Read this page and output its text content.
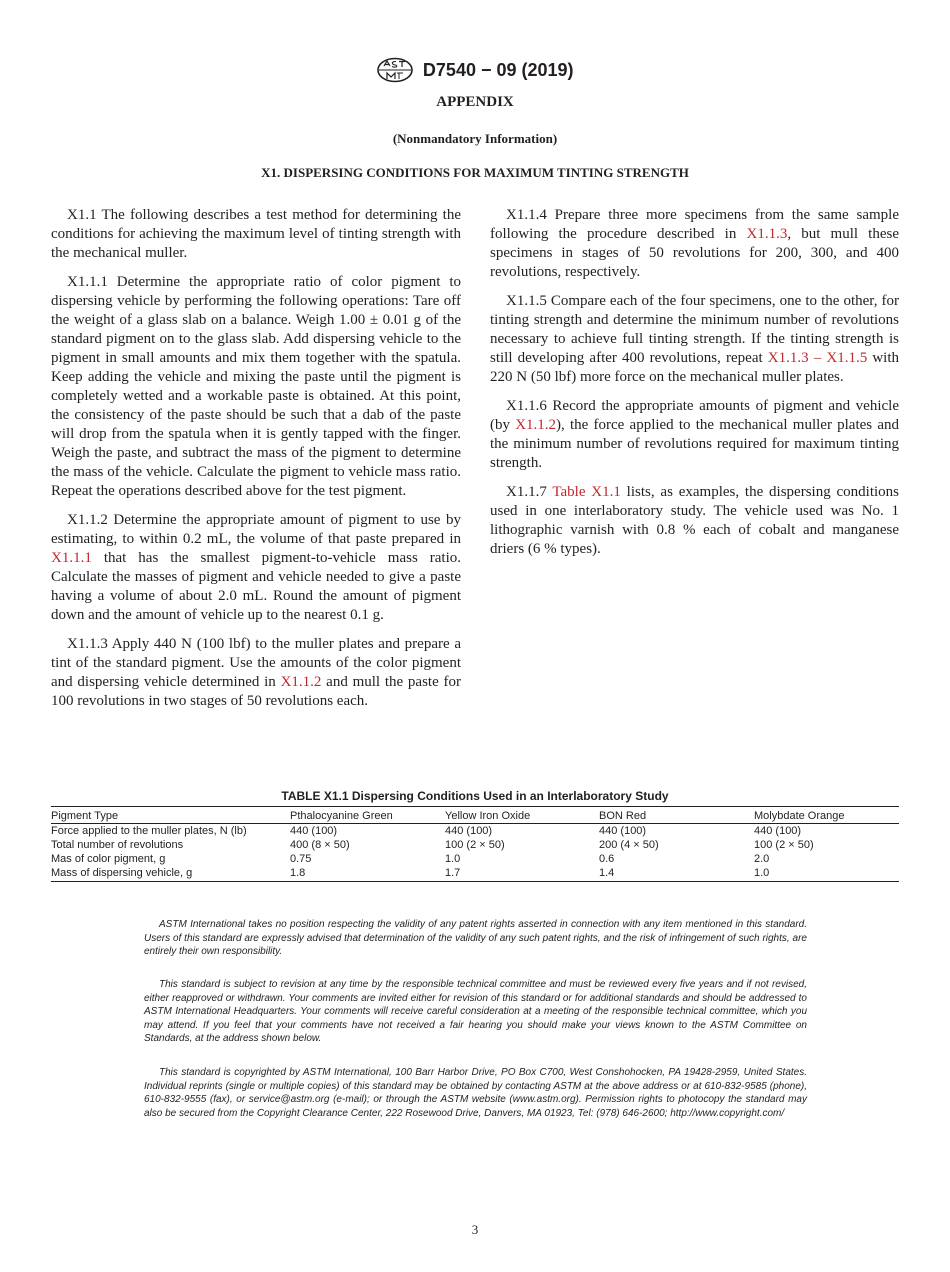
D7540 − 09 (2019)
APPENDIX
(Nonmandatory Information)
X1. DISPERSING CONDITIONS FOR MAXIMUM TINTING STRENGTH

X1.1 The following describes a test method for determining the conditions for achieving the maximum level of tinting strength with the mechanical muller.

X1.1.1 Determine the appropriate ratio of color pigment to dispersing vehicle by performing the following operations: Tare off the weight of a glass slab on a balance. Weigh 1.00 ± 0.01 g of the standard pigment on to the glass slab. Add dispersing vehicle to the pigment in small amounts and mix them together with the spatula. Keep adding the vehicle and mixing the paste until the pigment is completely wetted and a workable paste is obtained. At this point, the consistency of the paste should be such that a dab of the paste will drop from the spatula when it is gently tapped with the finger. Weigh the paste, and subtract the mass of the pigment to determine the mass of the vehicle. Calculate the pigment to vehicle mass ratio. Repeat the operations described above for the test pigment.

X1.1.2 Determine the appropriate amount of pigment to use by estimating, to within 0.2 mL, the volume of that paste prepared in X1.1.1 that has the smallest pigment-to-vehicle mass ratio. Calculate the masses of pigment and vehicle needed to give a paste having a volume of about 2.0 mL. Round the amount of pigment down and the amount of vehicle up to the nearest 0.1 g.

X1.1.3 Apply 440 N (100 lbf) to the muller plates and prepare a tint of the standard pigment. Use the amounts of the color pigment and dispersing vehicle determined in X1.1.2 and mull the paste for 100 revolutions in two stages of 50 revolutions each.

X1.1.4 Prepare three more specimens from the same sample following the procedure described in X1.1.3, but mull these specimens in stages of 50 revolutions for 200, 300, and 400 revolutions, respectively.

X1.1.5 Compare each of the four specimens, one to the other, for tinting strength and determine the minimum number of revolutions necessary to achieve full tinting strength. If the tinting strength is still developing after 400 revolutions, repeat X1.1.3 – X1.1.5 with 220 N (50 lbf) more force on the mechanical muller plates.

X1.1.6 Record the appropriate amounts of pigment and vehicle (by X1.1.2), the force applied to the mechanical muller plates and the minimum number of revolutions required for maximum tinting strength.

X1.1.7 Table X1.1 lists, as examples, the dispersing conditions used in one interlaboratory study. The vehicle used was No. 1 lithographic varnish with 0.8 % each of cobalt and manganese driers (6 % types).

TABLE X1.1 Dispersing Conditions Used in an Interlaboratory Study
Pigment Type	Pthalocyanine Green	Yellow Iron Oxide	BON Red	Molybdate Orange
Force applied to the muller plates, N (lb)	440 (100)	440 (100)	440 (100)	440 (100)
Total number of revolutions	400 (8 × 50)	100 (2 × 50)	200 (4 × 50)	100 (2 × 50)
Mas of color pigment, g	0.75	1.0	0.6	2.0
Mass of dispersing vehicle, g	1.8	1.7	1.4	1.0

ASTM International takes no position respecting the validity of any patent rights asserted in connection with any item mentioned in this standard. Users of this standard are expressly advised that determination of the validity of any such patent rights, and the risk of infringement of such rights, are entirely their own responsibility.

This standard is subject to revision at any time by the responsible technical committee and must be reviewed every five years and if not revised, either reapproved or withdrawn. Your comments are invited either for revision of this standard or for additional standards and should be addressed to ASTM International Headquarters. Your comments will receive careful consideration at a meeting of the responsible technical committee, which you may attend. If you feel that your comments have not received a fair hearing you should make your views known to the ASTM Committee on Standards, at the address shown below.

This standard is copyrighted by ASTM International, 100 Barr Harbor Drive, PO Box C700, West Conshohocken, PA 19428-2959, United States. Individual reprints (single or multiple copies) of this standard may be obtained by contacting ASTM at the above address or at 610-832-9585 (phone), 610-832-9555 (fax), or service@astm.org (e-mail); or through the ASTM website (www.astm.org). Permission rights to photocopy the standard may also be secured from the Copyright Clearance Center, 222 Rosewood Drive, Danvers, MA 01923, Tel: (978) 646-2600; http://www.copyright.com/

3
